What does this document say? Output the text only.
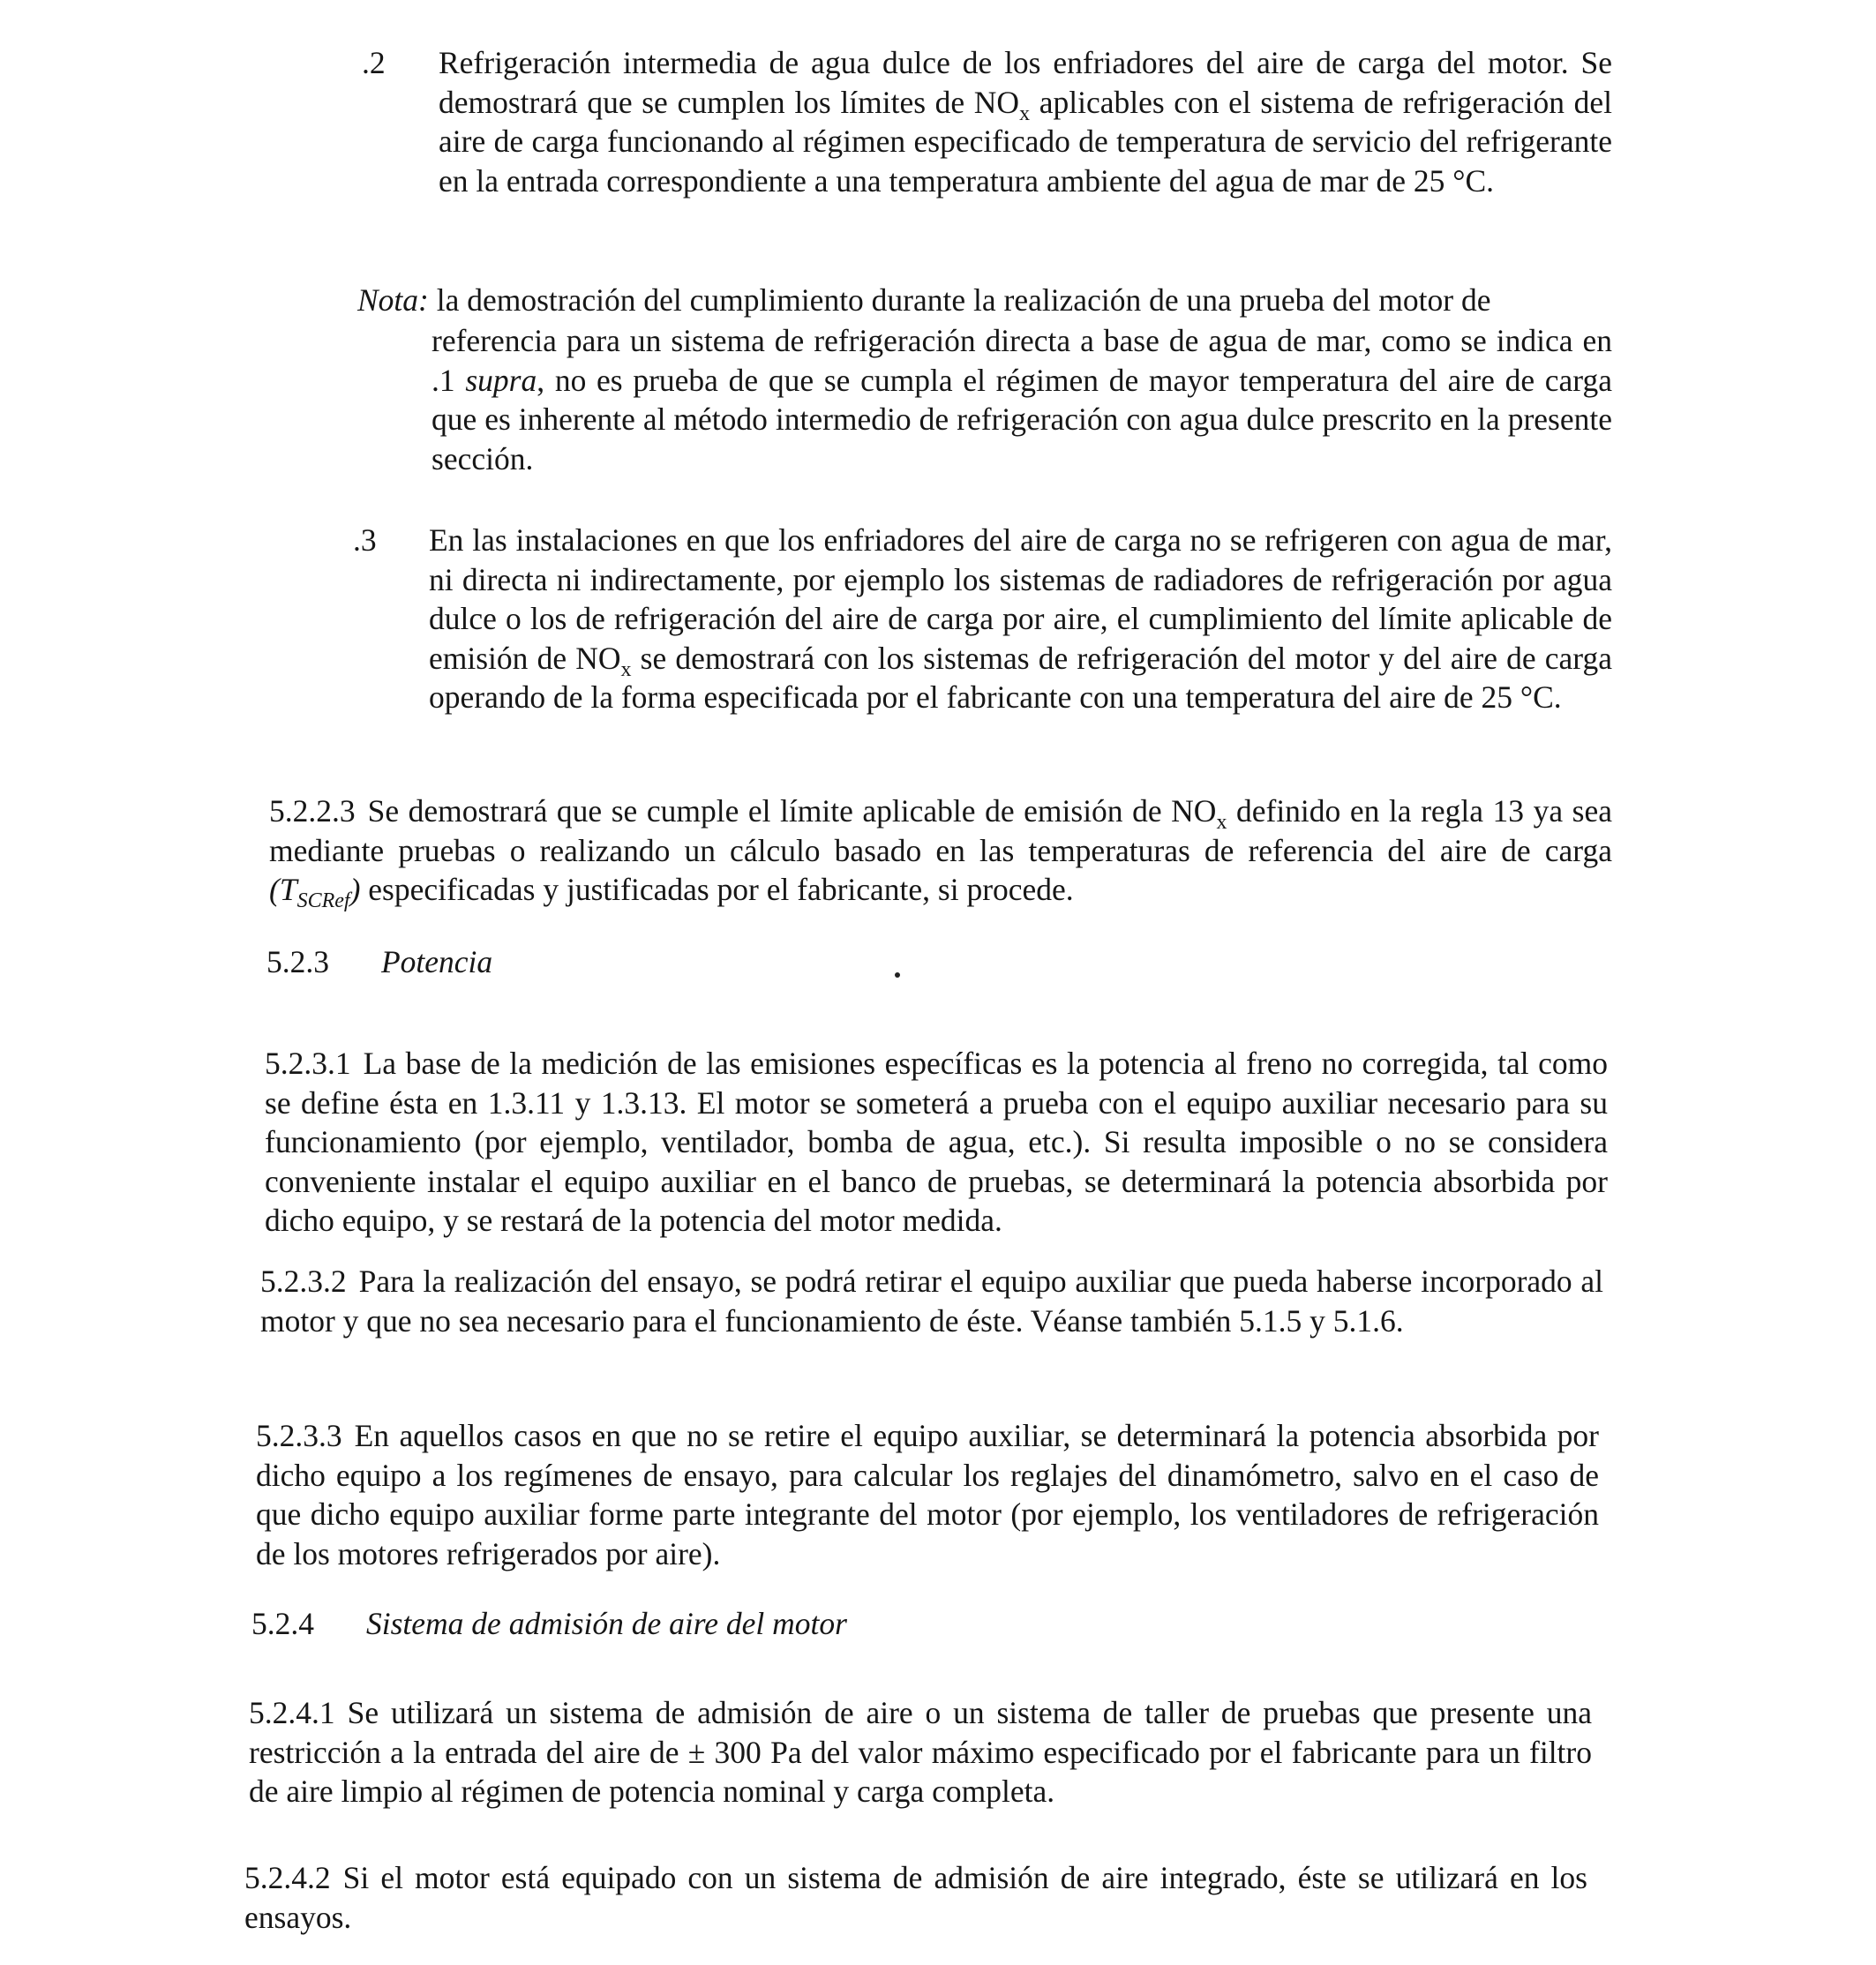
.2 Refrigeración intermedia de agua dulce de los enfriadores del aire de carga del motor. Se demostrará que se cumplen los límites de $NO_x$ aplicables con el sistema de refrigeración del aire de carga funcionando al régimen especificado de temperatura de servicio del refrigerante en la entrada correspondiente a una temperatura ambiente del agua de mar de 25 °C.
Nota: la demostración del cumplimiento durante la realización de una prueba del motor de
referencia para un sistema de refrigeración directa a base de agua de mar, como se indica en .1 supra, no es prueba de que se cumpla el régimen de mayor temperatura del aire de carga que es inherente al método intermedio de refrigeración con agua dulce prescrito en la presente sección.
.3 En las instalaciones en que los enfriadores del aire de carga no se refrigeren con agua de mar, ni directa ni indirectamente, por ejemplo los sistemas de radiadores de refrigeración por agua dulce o los de refrigeración del aire de carga por aire, el cumplimiento del límite aplicable de emisión de $NO_x$ se demostrará con los sistemas de refrigeración del motor y del aire de carga operando de la forma especificada por el fabricante con una temperatura del aire de 25 °C.
5.2.2.3 Se demostrará que se cumple el límite aplicable de emisión de $NO_x$ definido en la regla 13 ya sea mediante pruebas o realizando un cálculo basado en las temperaturas de referencia del aire de carga $(T_{SCRef})$ especificadas y justificadas por el fabricante, si procede.
5.2.3 Potencia
5.2.3.1 La base de la medición de las emisiones específicas es la potencia al freno no corregida, tal como se define ésta en 1.3.11 y 1.3.13. El motor se someterá a prueba con el equipo auxiliar necesario para su funcionamiento (por ejemplo, ventilador, bomba de agua, etc.). Si resulta imposible o no se considera conveniente instalar el equipo auxiliar en el banco de pruebas, se determinará la potencia absorbida por dicho equipo, y se restará de la potencia del motor medida.
5.2.3.2 Para la realización del ensayo, se podrá retirar el equipo auxiliar que pueda haberse incorporado al motor y que no sea necesario para el funcionamiento de éste. Véanse también 5.1.5 y 5.1.6.
5.2.3.3 En aquellos casos en que no se retire el equipo auxiliar, se determinará la potencia absorbida por dicho equipo a los regímenes de ensayo, para calcular los reglajes del dinamómetro, salvo en el caso de que dicho equipo auxiliar forme parte integrante del motor (por ejemplo, los ventiladores de refrigeración de los motores refrigerados por aire).
5.2.4 Sistema de admisión de aire del motor
5.2.4.1 Se utilizará un sistema de admisión de aire o un sistema de taller de pruebas que presente una restricción a la entrada del aire de ± 300 Pa del valor máximo especificado por el fabricante para un filtro de aire limpio al régimen de potencia nominal y carga completa.
5.2.4.2 Si el motor está equipado con un sistema de admisión de aire integrado, éste se utilizará en los ensayos.
